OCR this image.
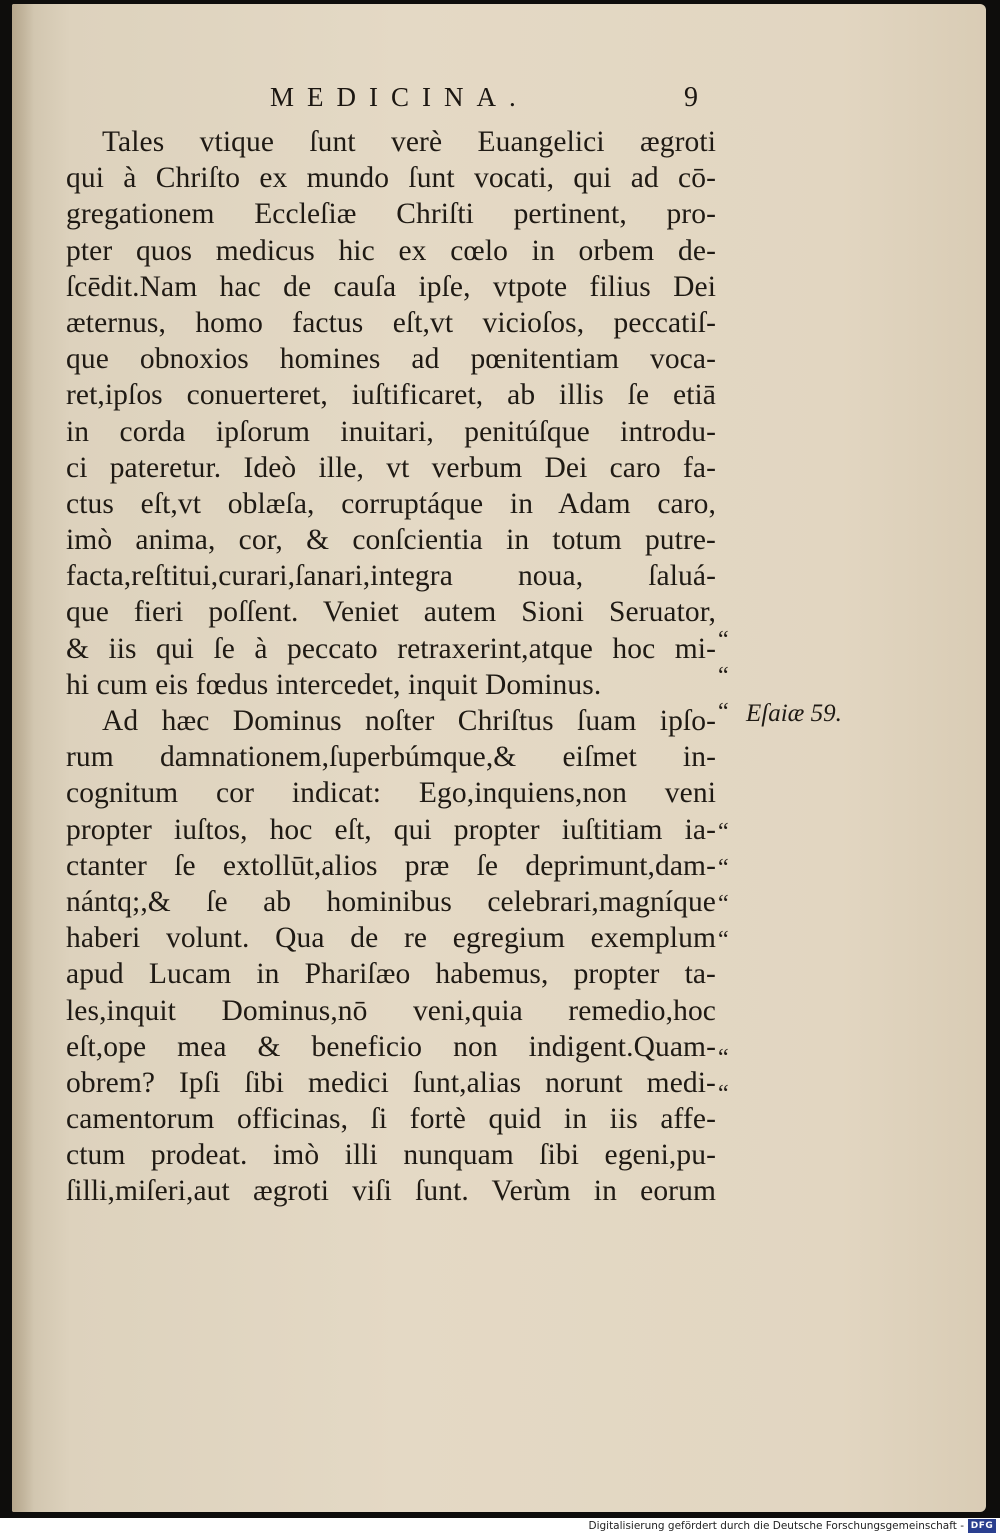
MEDICINA.	9
Tales vtique ſunt verè Euangelici ægroti
qui à Chriſto ex mundo ſunt vocati, qui ad cō-
gregationem Eccleſiæ Chriſti pertinent, pro-
pter quos medicus hic ex cœlo in orbem de-
ſcēdit.Nam hac de cauſa ipſe, vtpote filius Dei
æternus, homo factus eſt,vt vicioſos, peccatiſ-
que obnoxios homines ad pœnitentiam voca-
ret,ipſos conuerteret, iuſtificaret, ab illis ſe etiā
in corda ipſorum inuitari, penitúſque introdu-
ci pateretur. Ideò ille, vt verbum Dei caro fa-
ctus eſt,vt oblæſa, corruptáque in Adam caro,
imò anima, cor, & conſcientia in totum putre-
facta,reſtitui,curari,ſanari,integra noua, ſaluá-
que fieri poſſent. Veniet autem Sioni Seruator,
& iis qui ſe à peccato retraxerint,atque hoc mi-
hi cum eis fœdus intercedet, inquit Dominus.
Ad hæc Dominus noſter Chriſtus ſuam ipſo-
rum damnationem,ſuperbúmque,& eiſmet in-
cognitum cor indicat: Ego,inquiens,non veni
propter iuſtos, hoc eſt, qui propter iuſtitiam ia-
ctanter ſe extollūt,alios præ ſe deprimunt,dam-
nántq;,& ſe ab hominibus celebrari,magníque
haberi volunt. Qua de re egregium exemplum
apud Lucam in Phariſæo habemus, propter ta-
les,inquit Dominus,nō veni,quia remedio,hoc
eſt,ope mea & beneficio non indigent.Quam-
obrem? Ipſi ſibi medici ſunt,alias norunt medi-
camentorum officinas, ſi fortè quid in iis affe-
ctum prodeat. imò illi nunquam ſibi egeni,pu-
ſilli,miſeri,aut ægroti viſi ſunt. Verùm in eorum
“
“
“
“
“
“
“
“
“
Eſaiæ 59.
Digitalisierung gefördert durch die Deutsche Forschungsgemeinschaft - DFG
